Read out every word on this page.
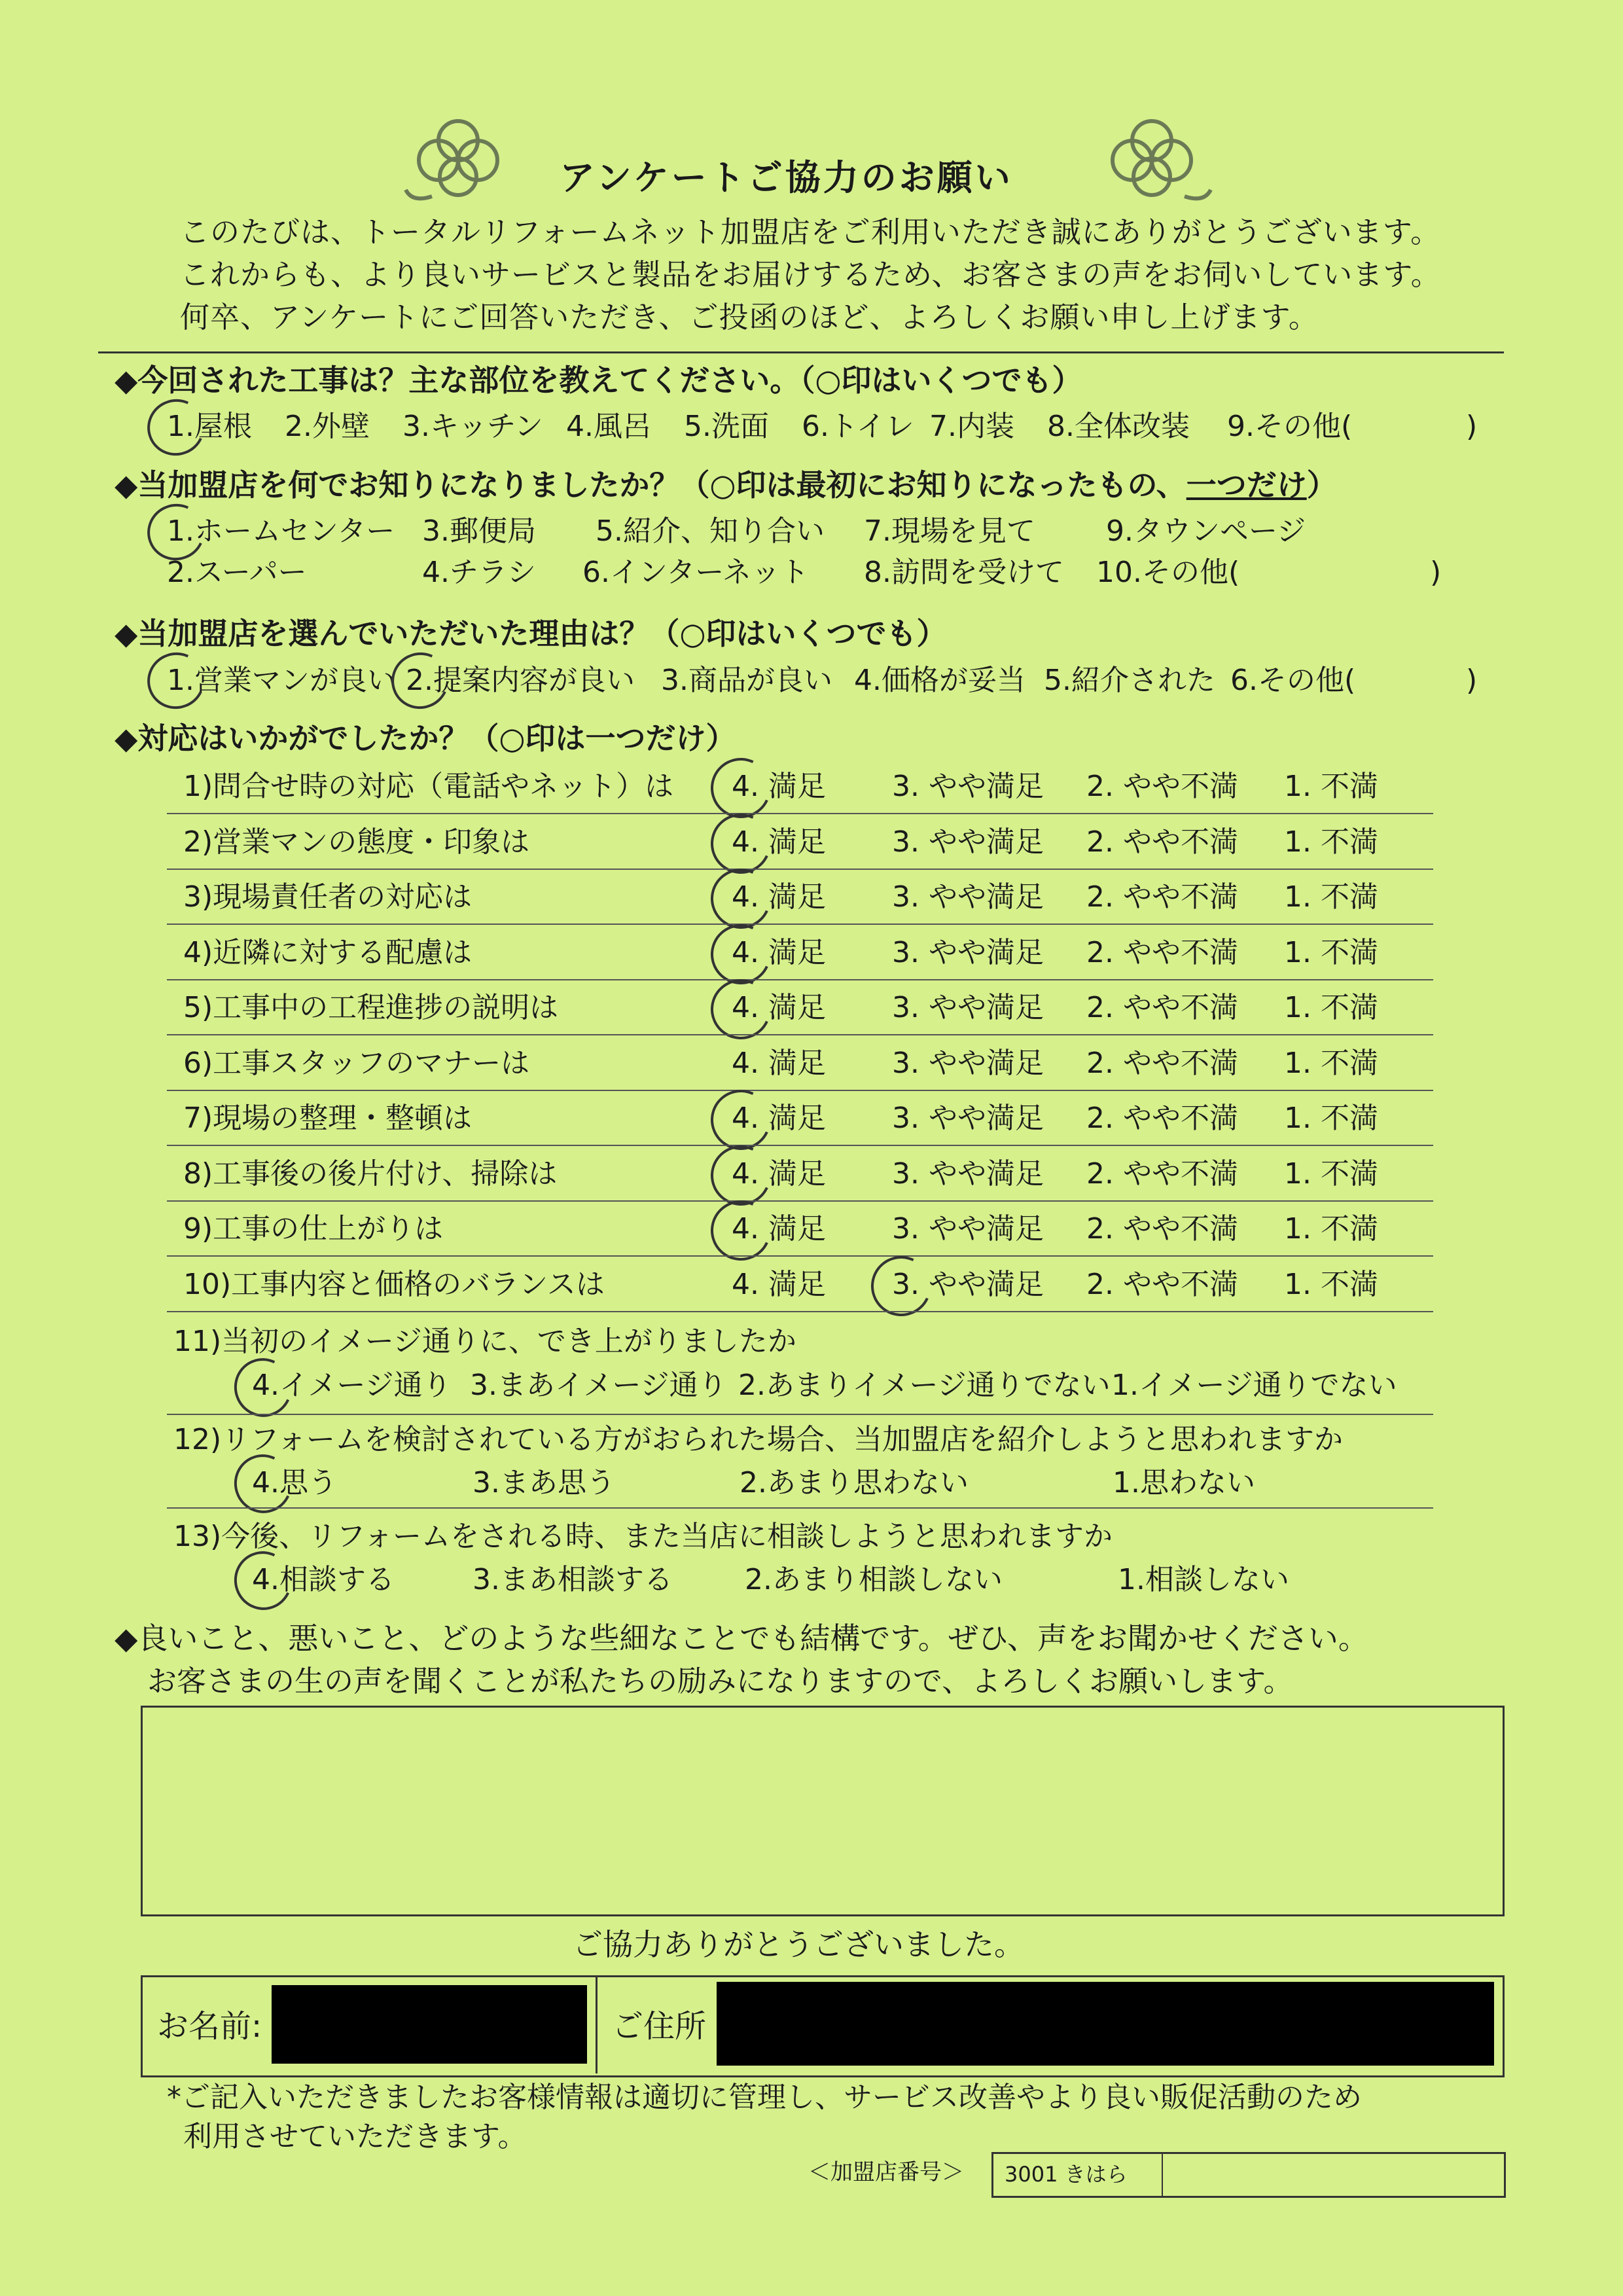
アンケートご協力のお願い
このたびは、トータルリフォームネット加盟店をご利用いただき誠にありがとうございます。
これからも、より良いサービスと製品をお届けするため、お客さまの声をお伺いしています。
何卒、アンケートにご回答いただき、ご投函のほど、よろしくお願い申し上げます。
◆今回された工事は？主な部位を教えてください。（○印はいくつでも）
1.屋根 2.外壁 3.キッチン 4.風呂 5.洗面 6.トイレ 7.内装 8.全体改装 9.その他(	)
◆当加盟店を何でお知りになりましたか？（○印は最初にお知りになったもの、一つだけ）
1.ホームセンター 3.郵便局 5.紹介、知り合い 7.現場を見て 9.タウンページ
2.スーパー	4.チラシ 6.インターネット 8.訪問を受けて 10.その他(	)
◆当加盟店を選んでいただいた理由は？（○印はいくつでも）
1.営業マンが良い 2.提案内容が良い 3.商品が良い 4.価格が妥当 5.紹介された 6.その他(	)
◆対応はいかがでしたか？（○印は一つだけ）
1)問合せ時の対応（電話やネット）は 4. 満足 3. やや満足 2. やや不満 1. 不満
2)営業マンの態度・印象は	4. 満足 3. やや満足 2. やや不満 1. 不満
3)現場責任者の対応は	4. 満足 3. やや満足 2. やや不満 1. 不満
4)近隣に対する配慮は	4. 満足 3. やや満足 2. やや不満 1. 不満
5)工事中の工程進捗の説明は	4. 満足 3. やや満足 2. やや不満 1. 不満
6)工事スタッフのマナーは	4. 満足 3. やや満足 2. やや不満 1. 不満
7)現場の整理・整頓は	4. 満足 3. やや満足 2. やや不満 1. 不満
8)工事後の後片付け、掃除は	4. 満足 3. やや満足 2. やや不満 1. 不満
9)工事の仕上がりは	4. 満足 3. やや満足 2. やや不満 1. 不満
10)工事内容と価格のバランスは	4. 満足 3. やや満足 2. やや不満 1. 不満
11)当初のイメージ通りに、でき上がりましたか
4.イメージ通り 3.まあイメージ通り 2.あまりイメージ通りでない 1.イメージ通りでない
12)リフォームを検討されている方がおられた場合、当加盟店を紹介しようと思われますか
4.思う	3.まあ思う	2.あまり思わない	1.思わない
13)今後、リフォームをされる時、また当店に相談しようと思われますか
4.相談する	3.まあ相談する	2.あまり相談しない	1.相談しない
◆良いこと、悪いこと、どのような些細なことでも結構です。ぜひ、声をお聞かせください。
お客さまの生の声を聞くことが私たちの励みになりますので、よろしくお願いします。
ご協力ありがとうございました。
お名前:	ご住所
*ご記入いただきましたお客様情報は適切に管理し、サービス改善やより良い販促活動のため
利用させていただきます。
＜加盟店番号＞ 3001 きはら
